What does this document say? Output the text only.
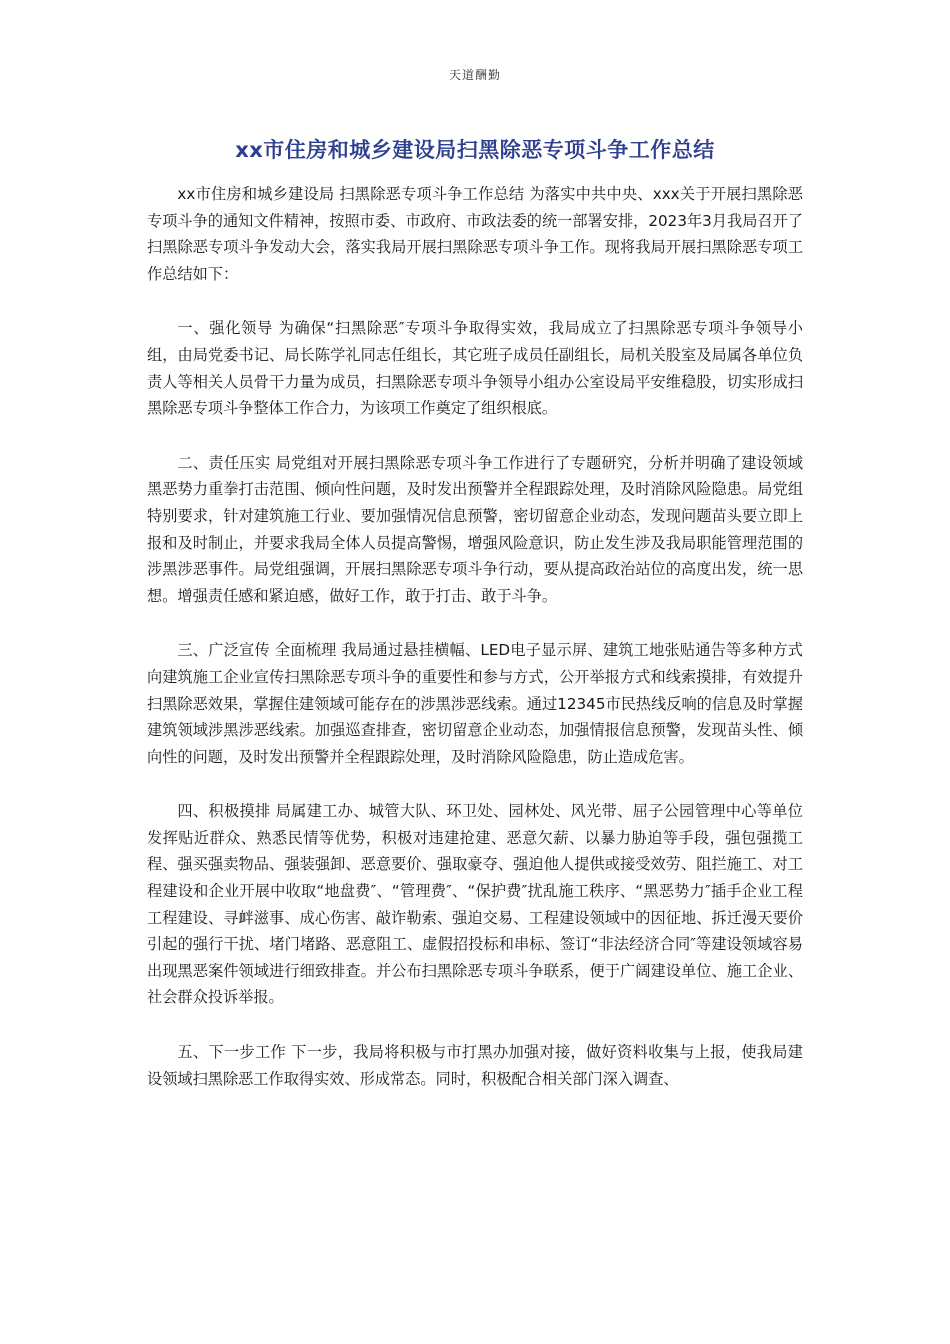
天道酬勤
xx市住房和城乡建设局扫黑除恶专项斗争工作总结

xx市住房和城乡建设局 扫黑除恶专项斗争工作总结 为落实中共中央、xxx关于开展扫黑除恶专项斗争的通知文件精神，按照市委、市政府、市政法委的统一部署安排，2023年3月我局召开了扫黑除恶专项斗争发动大会，落实我局开展扫黑除恶专项斗争工作。现将我局开展扫黑除恶专项工作总结如下：

一、强化领导 为确保“扫黑除恶″专项斗争取得实效，我局成立了扫黑除恶专项斗争领导小组，由局党委书记、局长陈学礼同志任组长，其它班子成员任副组长，局机关股室及局属各单位负责人等相关人员骨干力量为成员，扫黑除恶专项斗争领导小组办公室设局平安维稳股，切实形成扫黑除恶专项斗争整体工作合力，为该项工作奠定了组织根底。

二、责任压实 局党组对开展扫黑除恶专项斗争工作进行了专题研究，分析并明确了建设领域黑恶势力重拳打击范围、倾向性问题，及时发出预警并全程跟踪处理，及时消除风险隐患。局党组特别要求，针对建筑施工行业、要加强情况信息预警，密切留意企业动态，发现问题苗头要立即上报和及时制止，并要求我局全体人员提高警惕，增强风险意识，防止发生涉及我局职能管理范围的涉黑涉恶事件。局党组强调，开展扫黑除恶专项斗争行动，要从提高政治站位的高度出发，统一思想。增强责任感和紧迫感，做好工作，敢于打击、敢于斗争。

三、广泛宣传 全面梳理 我局通过悬挂横幅、LED电子显示屏、建筑工地张贴通告等多种方式向建筑施工企业宣传扫黑除恶专项斗争的重要性和参与方式，公开举报方式和线索摸排，有效提升扫黑除恶效果，掌握住建领域可能存在的涉黑涉恶线索。通过12345市民热线反响的信息及时掌握建筑领域涉黑涉恶线索。加强巡查排查，密切留意企业动态，加强情报信息预警，发现苗头性、倾向性的问题，及时发出预警并全程跟踪处理，及时消除风险隐患，防止造成危害。

四、积极摸排 局属建工办、城管大队、环卫处、园林处、风光带、屈子公园管理中心等单位发挥贴近群众、熟悉民情等优势，积极对违建抢建、恶意欠薪、以暴力胁迫等手段，强包强揽工程、强买强卖物品、强装强卸、恶意要价、强取豪夺、强迫他人提供或接受效劳、阻拦施工、对工程建设和企业开展中收取“地盘费″、“管理费″、“保护费″扰乱施工秩序、“黑恶势力″插手企业工程工程建设、寻衅滋事、成心伤害、敲诈勒索、强迫交易、工程建设领域中的因征地、拆迁漫天要价引起的强行干扰、堵门堵路、恶意阻工、虚假招投标和串标、签订“非法经济合同″等建设领域容易出现黑恶案件领域进行细致排查。并公布扫黑除恶专项斗争联系，便于广阔建设单位、施工企业、社会群众投诉举报。

五、下一步工作 下一步，我局将积极与市打黑办加强对接，做好资料收集与上报，使我局建设领域扫黑除恶工作取得实效、形成常态。同时，积极配合相关部门深入调查、
